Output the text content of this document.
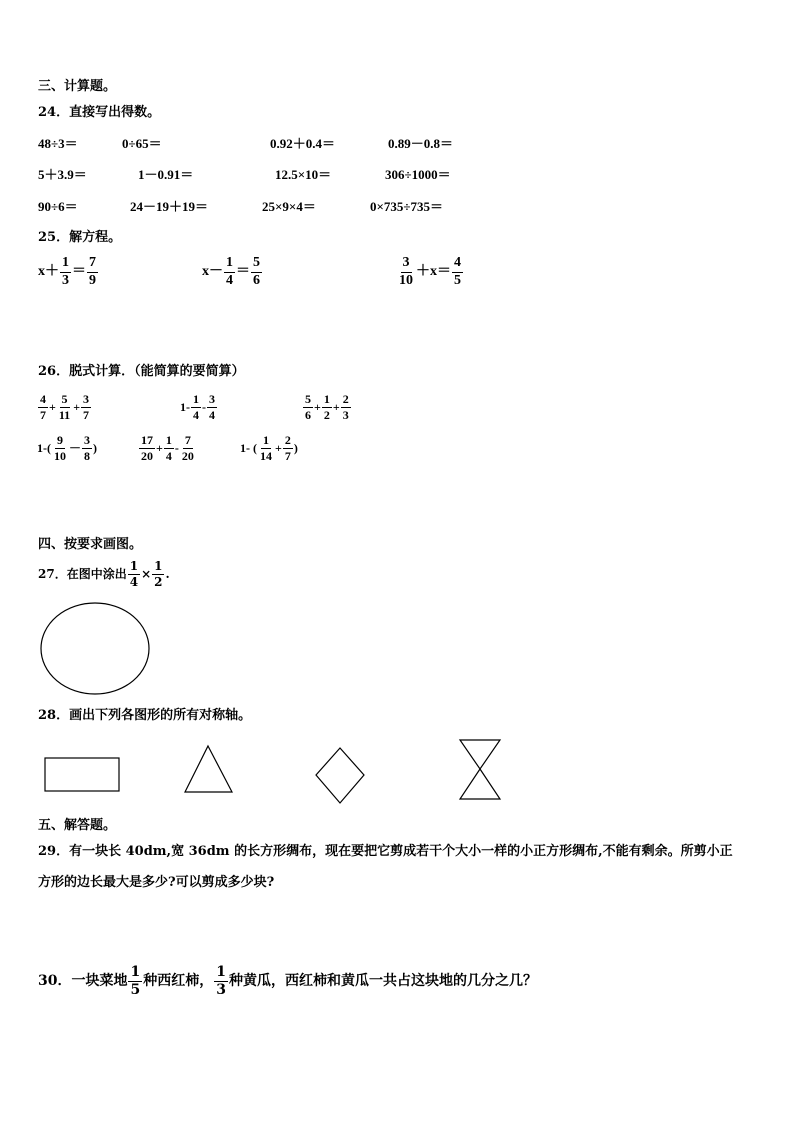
三、计算题。
24．直接写出得数。
48÷3＝	0÷65＝	0.92＋0.4＝	0.89－0.8＝
5＋3.9＝	1－0.91＝	12.5×10＝	306÷1000＝
90÷6＝	24－19＋19＝	25×9×4＝	0×735÷735＝
25．解方程。
$x+ \frac{1}{3} = \frac{7}{9}$	$x- \frac{1}{4} = \frac{5}{6}$	$\frac{3}{10} +x= \frac{4}{5}$
26．脱式计算．（能简算的要简算）
$\frac{4}{7} + \frac{5}{11} + \frac{3}{7}$	$1- \frac{1}{4} - \frac{3}{4}$	$\frac{5}{6} + \frac{1}{2} + \frac{2}{3}$
$1-( \frac{9}{10} - \frac{3}{8}$ )	$\frac{17}{20} + \frac{1}{4} - \frac{7}{20}$	1- ( $\frac{1}{14} + \frac{2}{7}$ )
四、按要求画图。
27．在图中涂出 $\frac{1}{4} \times \frac{1}{2}$ .
28．画出下列各图形的所有对称轴。
五、解答题。
29．有一块长 40dm,宽 36dm 的长方形绸布，现在要把它剪成若干个大小一样的小正方形绸布,不能有剩余。所剪小正
方形的边长最大是多少?可以剪成多少块?
30．一块菜地 $\frac{1}{5}$ 种西红柿， $\frac{1}{3}$ 种黄瓜，西红柿和黄瓜一共占这块地的几分之几？
